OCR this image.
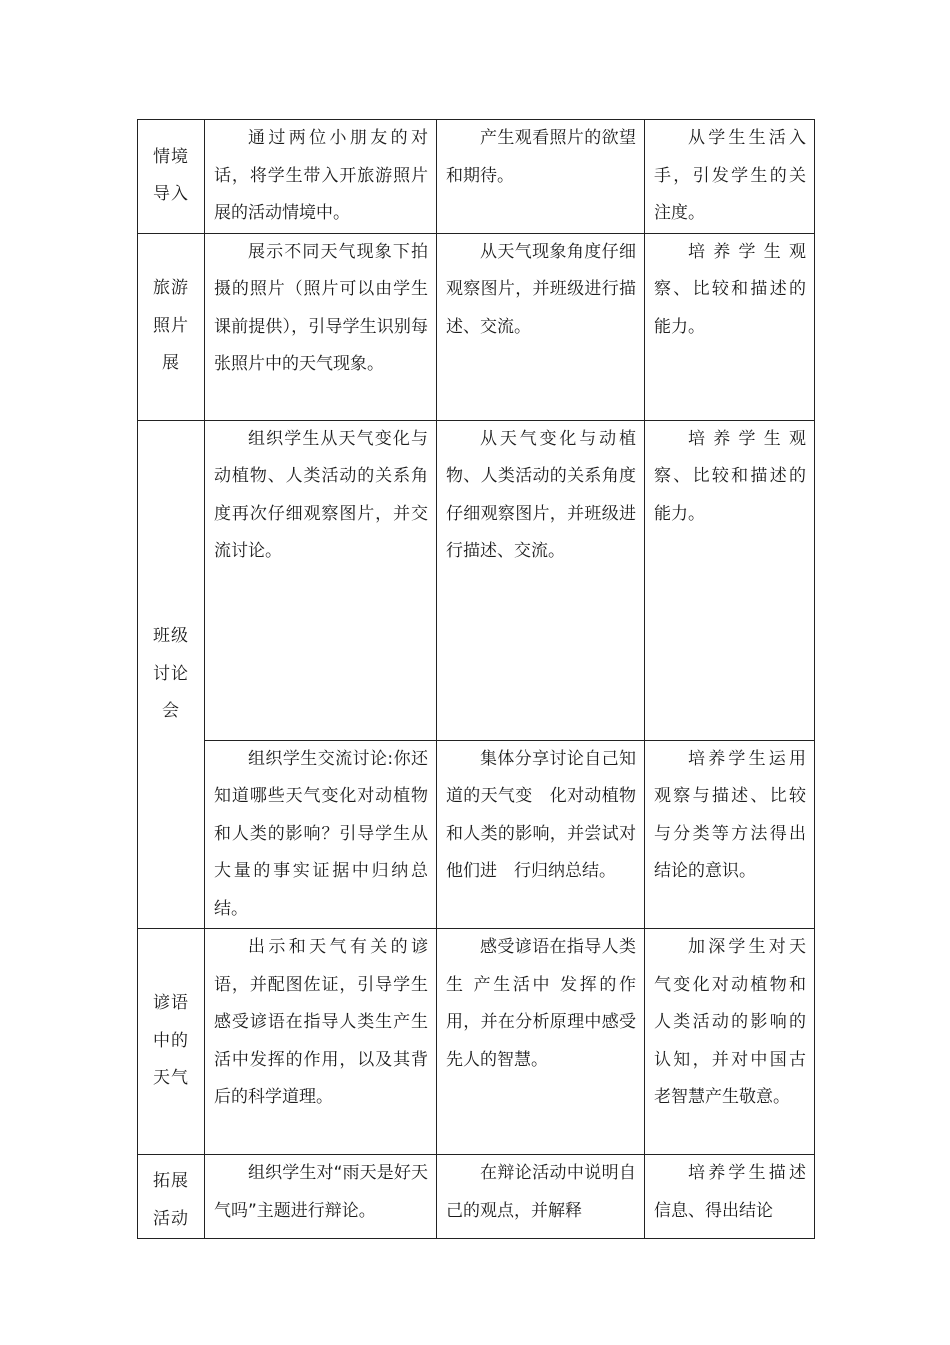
情境导入	通过两位小朋友的对话，将学生带入开旅游照片展的活动情境中。	产生观看照片的欲望和期待。	从学生生活入手，引发学生的关注度。

旅游照片展	展示不同天气现象下拍摄的照片（照片可以由学生课前提供），引导学生识别每张照片中的天气现象。	从天气现象角度仔细观察图片，并班级进行描述、交流。	培养学生观察、比较和描述的能力。

班级讨论会	组织学生从天气变化与动植物、人类活动的关系角度再次仔细观察图片，并交流讨论。	从天气变化与动植物、人类活动的关系角度仔细观察图片，并班级进行描述、交流。	培养学生观察、比较和描述的能力。

	组织学生交流讨论:你还知道哪些天气变化对动植物和人类的影响？引导学生从大量的事实证据中归纳总结。	集体分享讨论自己知道的天气变　化对动植物和人类的影响，并尝试对他们进　行归纳总结。	培养学生运用观察与描述、比较与分类等方法得出结论的意识。

谚语中的天气	出示和天气有关的谚语，并配图佐证，引导学生感受谚语在指导人类生产生活中发挥的作用，以及其背后的科学道理。	感受谚语在指导人类生 产生活中 发挥的作用，并在分析原理中感受先人的智慧。	加深学生对天气变化对动植物和人类活动的影响的认知，并对中国古老智慧产生敬意。

拓展活动	组织学生对“雨天是好天气吗”主题进行辩论。	在辩论活动中说明自己的观点，并解释	培养学生描述信息、得出结论
